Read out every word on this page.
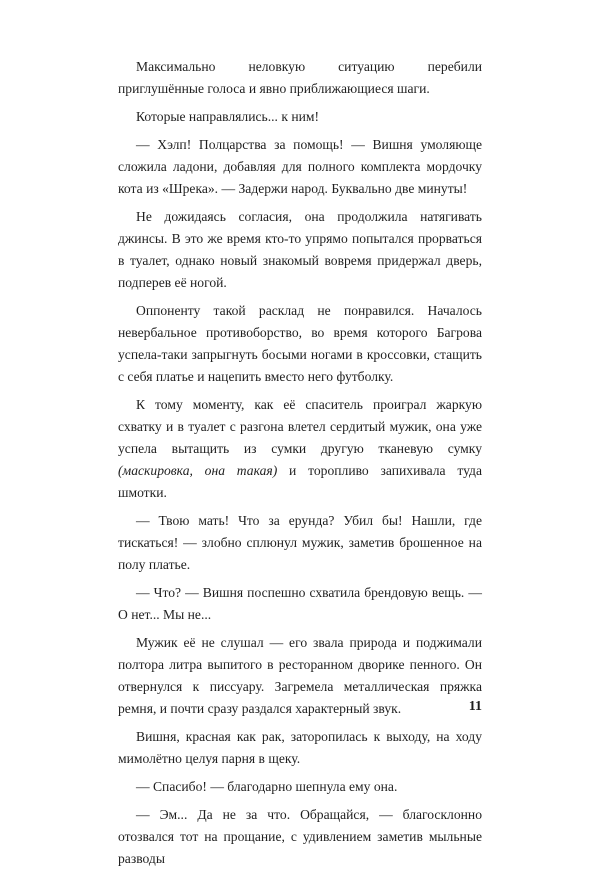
Максимально неловкую ситуацию перебили приглушённые голоса и явно приближающиеся шаги.

Которые направлялись... к ним!

— Хэлп! Полцарства за помощь! — Вишня умоляюще сложила ладони, добавляя для полного комплекта мордочку кота из «Шрека». — Задержи народ. Буквально две минуты!

Не дожидаясь согласия, она продолжила натягивать джинсы. В это же время кто-то упрямо попытался прорваться в туалет, однако новый знакомый вовремя придержал дверь, подперев её ногой.

Оппоненту такой расклад не понравился. Началось невербальное противоборство, во время которого Багрова успела-таки запрыгнуть босыми ногами в кроссовки, стащить с себя платье и нацепить вместо него футболку.

К тому моменту, как её спаситель проиграл жаркую схватку и в туалет с разгона влетел сердитый мужик, она уже успела вытащить из сумки другую тканевую сумку (маскировка, она такая) и торопливо запихивала туда шмотки.

— Твою мать! Что за ерунда? Убил бы! Нашли, где тискаться! — злобно сплюнул мужик, заметив брошенное на полу платье.

— Что? — Вишня поспешно схватила брендовую вещь. — О нет... Мы не...

Мужик её не слушал — его звала природа и поджимали полтора литра выпитого в ресторанном дворике пенного. Он отвернулся к писсуару. Загремела металлическая пряжка ремня, и почти сразу раздался характерный звук.

Вишня, красная как рак, заторопилась к выходу, на ходу мимолётно целуя парня в щеку.

— Спасибо! — благодарно шепнула ему она.

— Эм... Да не за что. Обращайся, — благосклонно отозвался тот на прощание, с удивлением заметив мыльные разводы

11
